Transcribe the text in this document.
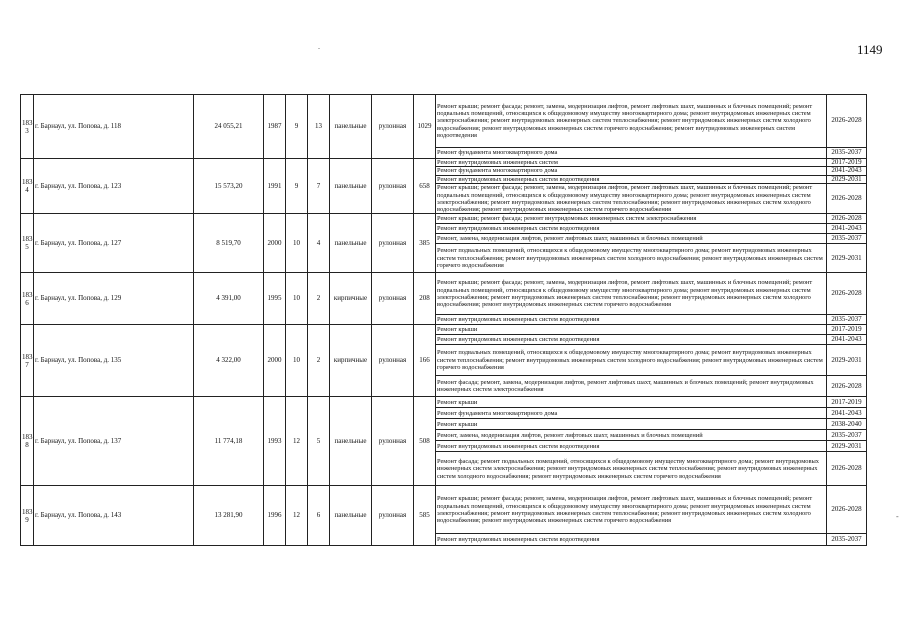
1149
183
3	г. Барнаул, ул. Попова, д. 118	24 055,21	1987	9	13	панельные	рулонная	1029	Ремонт крыши; ремонт фасада; ремонт, замена, модернизация лифтов, ремонт лифтовых шахт, машинных и блочных помещений; ремонт подвальных помещений, относящихся к общедомовому имуществу многоквартирного дома; ремонт внутридомовых инженерных систем электроснабжения; ремонт внутридомовых инженерных систем теплоснабжения; ремонт внутридомовых инженерных систем холодного водоснабжения; ремонт внутридомовых инженерных систем горячего водоснабжения; ремонт внутридомовых инженерных систем водоотведения	2026-2028
									Ремонт фундамента многоквартирного дома	2035-2037
183
4	г. Барнаул, ул. Попова, д. 123	15 573,20	1991	9	7	панельные	рулонная	658	Ремонт внутридомовых инженерных систем	2017-2019
									Ремонт фундамента многоквартирного дома	2041-2043
									Ремонт внутридомовых инженерных систем водоотведения	2029-2031
									Ремонт крыши; ремонт фасада; ремонт, замена, модернизация лифтов, ремонт лифтовых шахт, машинных и блочных помещений; ремонт подвальных помещений, относящихся к общедомовому имуществу многоквартирного дома; ремонт внутридомовых инженерных систем электроснабжения; ремонт внутридомовых инженерных систем теплоснабжения; ремонт внутридомовых инженерных систем холодного водоснабжения; ремонт внутридомовых инженерных систем горячего водоснабжения	2026-2028
183
5	г. Барнаул, ул. Попова, д. 127	8 519,70	2000	10	4	панельные	рулонная	385	Ремонт крыши; ремонт фасада; ремонт внутридомовых инженерных систем электроснабжения	2026-2028
									Ремонт внутридомовых инженерных систем водоотведения	2041-2043
									Ремонт, замена, модернизация лифтов, ремонт лифтовых шахт, машинных и блочных помещений	2035-2037
									Ремонт подвальных помещений, относящихся к общедомовому имуществу многоквартирного дома; ремонт внутридомовых инженерных систем теплоснабжения; ремонт внутридомовых инженерных систем холодного водоснабжения; ремонт внутридомовых инженерных систем горячего водоснабжения	2029-2031
183
6	г. Барнаул, ул. Попова, д. 129	4 391,00	1995	10	2	кирпичные	рулонная	208	Ремонт крыши; ремонт фасада; ремонт, замена, модернизация лифтов, ремонт лифтовых шахт, машинных и блочных помещений; ремонт подвальных помещений, относящихся к общедомовому имуществу многоквартирного дома; ремонт внутридомовых инженерных систем электроснабжения; ремонт внутридомовых инженерных систем теплоснабжения; ремонт внутридомовых инженерных систем холодного водоснабжения; ремонт внутридомовых инженерных систем горячего водоснабжения	2026-2028
									Ремонт внутридомовых инженерных систем водоотведения	2035-2037
183
7	г. Барнаул, ул. Попова, д. 135	4 322,00	2000	10	2	кирпичные	рулонная	166	Ремонт крыши	2017-2019
									Ремонт внутридомовых инженерных систем водоотведения	2041-2043
									Ремонт подвальных помещений, относящихся к общедомовому имуществу многоквартирного дома; ремонт внутридомовых инженерных систем теплоснабжения; ремонт внутридомовых инженерных систем холодного водоснабжения; ремонт внутридомовых инженерных систем горячего водоснабжения	2029-2031
									Ремонт фасада; ремонт, замена, модернизация лифтов, ремонт лифтовых шахт, машинных и блочных помещений; ремонт внутридомовых инженерных систем электроснабжения	2026-2028
183
8	г. Барнаул, ул. Попова, д. 137	11 774,18	1993	12	5	панельные	рулонная	508	Ремонт крыши	2017-2019
									Ремонт фундамента многоквартирного дома	2041-2043
									Ремонт крыши	2038-2040
									Ремонт, замена, модернизация лифтов, ремонт лифтовых шахт, машинных и блочных помещений	2035-2037
									Ремонт внутридомовых инженерных систем водоотведения	2029-2031
									Ремонт фасада; ремонт подвальных помещений, относящихся к общедомовому имуществу многоквартирного дома; ремонт внутридомовых инженерных систем электроснабжения; ремонт внутридомовых инженерных систем теплоснабжения; ремонт внутридомовых инженерных систем холодного водоснабжения; ремонт внутридомовых инженерных систем горячего водоснабжения	2026-2028
183
9	г. Барнаул, ул. Попова, д. 143	13 281,90	1996	12	6	панельные	рулонная	585	Ремонт крыши; ремонт фасада; ремонт, замена, модернизация лифтов, ремонт лифтовых шахт, машинных и блочных помещений; ремонт подвальных помещений, относящихся к общедомовому имуществу многоквартирного дома; ремонт внутридомовых инженерных систем электроснабжения; ремонт внутридомовых инженерных систем теплоснабжения; ремонт внутридомовых инженерных систем холодного водоснабжения; ремонт внутридомовых инженерных систем горячего водоснабжения	2026-2028
									Ремонт внутридомовых инженерных систем водоотведения	2035-2037
.
-
